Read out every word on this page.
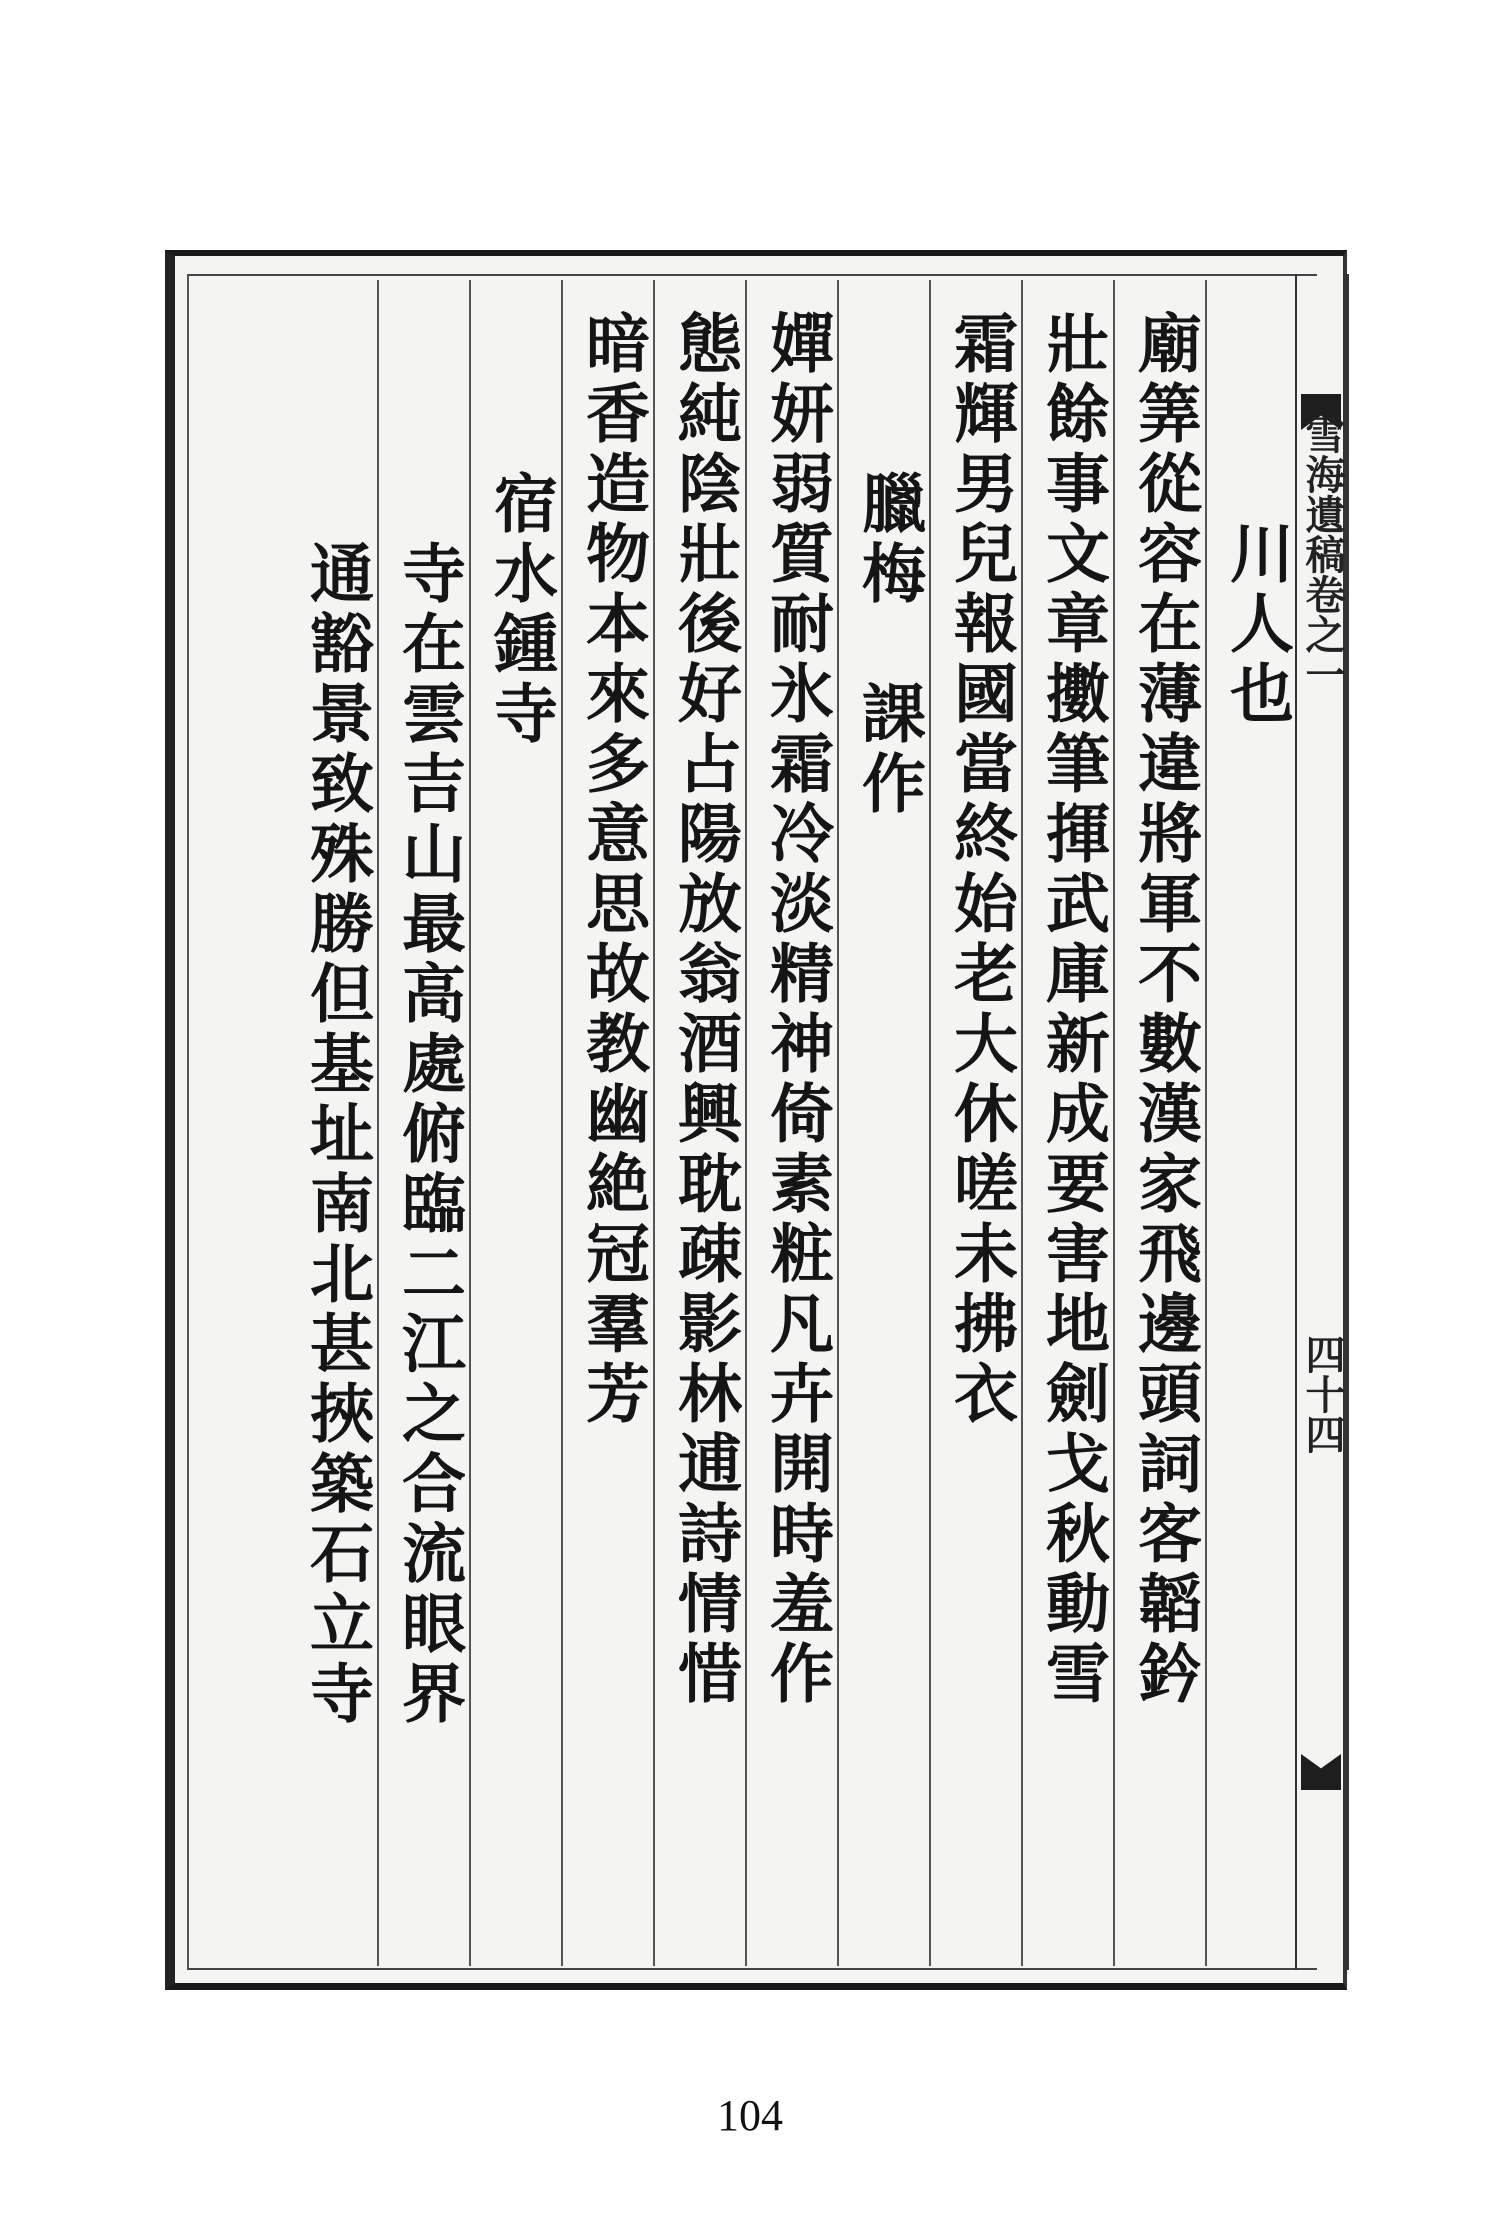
雪海遺稿卷之一
四十四
川人也
廟筭從容在薄違將軍不數漢家飛邊頭詞客韜鈐
壯餘事文章擻筆揮武庫新成要害地劍戈秋動雪
霜輝男兒報國當終始老大休嗟未拂衣
臘梅　課作
嬋妍弱質耐氷霜冷淡精神倚素粧凡卉開時羞作
態純陰壯後好占陽放翁酒興耽疎影林逋詩情惜
暗香造物本來多意思故教幽絶冠羣芳
宿水鍾寺
寺在雲吉山最高處俯臨二江之合流眼界
通豁景致殊勝但基址南北甚挾築石立寺
104
